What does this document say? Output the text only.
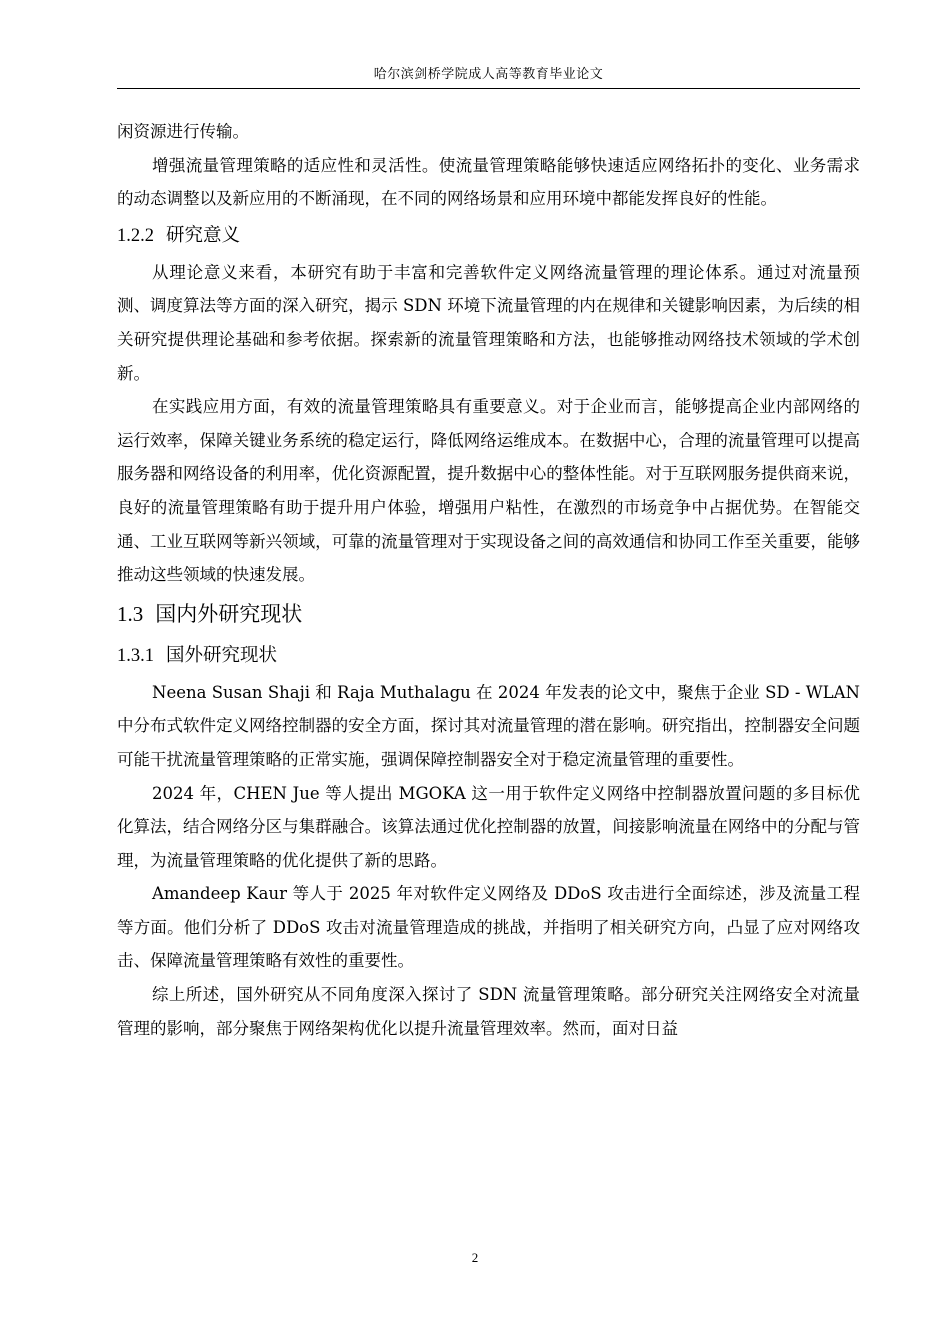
哈尔滨剑桥学院成人高等教育毕业论文

闲资源进行传输。

增强流量管理策略的适应性和灵活性。使流量管理策略能够快速适应网络拓扑的变化、业务需求的动态调整以及新应用的不断涌现，在不同的网络场景和应用环境中都能发挥良好的性能。

1.2.2 研究意义

从理论意义来看，本研究有助于丰富和完善软件定义网络流量管理的理论体系。通过对流量预测、调度算法等方面的深入研究，揭示 SDN 环境下流量管理的内在规律和关键影响因素，为后续的相关研究提供理论基础和参考依据。探索新的流量管理策略和方法，也能够推动网络技术领域的学术创新。

在实践应用方面，有效的流量管理策略具有重要意义。对于企业而言，能够提高企业内部网络的运行效率，保障关键业务系统的稳定运行，降低网络运维成本。在数据中心，合理的流量管理可以提高服务器和网络设备的利用率，优化资源配置，提升数据中心的整体性能。对于互联网服务提供商来说，良好的流量管理策略有助于提升用户体验，增强用户粘性，在激烈的市场竞争中占据优势。在智能交通、工业互联网等新兴领域，可靠的流量管理对于实现设备之间的高效通信和协同工作至关重要，能够推动这些领域的快速发展。

1.3 国内外研究现状
1.3.1 国外研究现状

Neena Susan Shaji 和 Raja Muthalagu 在 2024 年发表的论文中，聚焦于企业 SD - WLAN 中分布式软件定义网络控制器的安全方面，探讨其对流量管理的潜在影响。研究指出，控制器安全问题可能干扰流量管理策略的正常实施，强调保障控制器安全对于稳定流量管理的重要性。

2024 年，CHEN Jue 等人提出 MGOKA 这一用于软件定义网络中控制器放置问题的多目标优化算法，结合网络分区与集群融合。该算法通过优化控制器的放置，间接影响流量在网络中的分配与管理，为流量管理策略的优化提供了新的思路。

Amandeep Kaur 等人于 2025 年对软件定义网络及 DDoS 攻击进行全面综述，涉及流量工程等方面。他们分析了 DDoS 攻击对流量管理造成的挑战，并指明了相关研究方向，凸显了应对网络攻击、保障流量管理策略有效性的重要性。

综上所述，国外研究从不同角度深入探讨了 SDN 流量管理策略。部分研究关注网络安全对流量管理的影响，部分聚焦于网络架构优化以提升流量管理效率。然而，面对日益

2
